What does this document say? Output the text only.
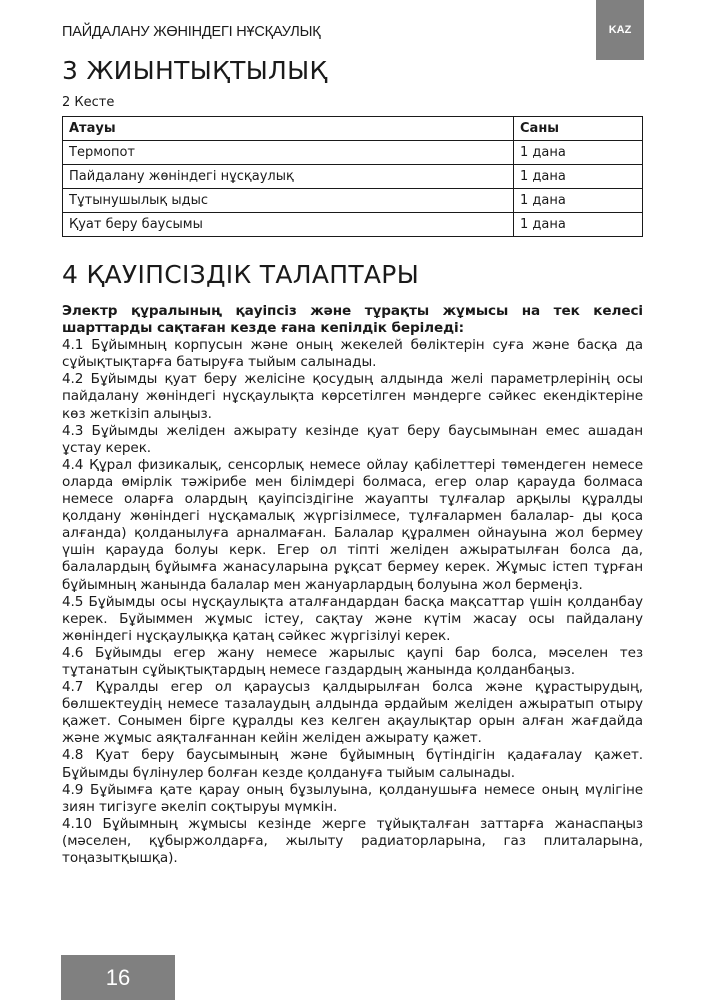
ПАЙДАЛАНУ ЖӨНІНДЕГІ НҰСҚАУЛЫҚ	KAZ
3 ЖИЫНТЫҚТЫЛЫҚ
2 Кесте
Атауы	Саны
Термопот	1 дана
Пайдалану жөніндегі нұсқаулық	1 дана
Тұтынушылық ыдыс	1 дана
Қуат беру баусымы	1 дана
4 ҚАУІПСІЗДІК ТАЛАПТАРЫ

Электр құралының қауіпсіз және тұрақты жұмысы на тек келесі шарттарды сақтаған кезде ғана кепілдік беріледі:

4.1 Бұйымның корпусын және оның жекелей бөліктерін суға және басқа да сұйықтықтарға батыруға тыйым салынады.

4.2 Бұйымды қуат беру желісіне қосудың алдында желі параметрлерінің осы пайдалану жөніндегі нұсқаулықта көрсетілген мәндерге сәйкес екендіктеріне көз жеткізіп алыңыз.

4.3 Бұйымды желіден ажырату кезінде қуат беру баусымынан емес ашадан ұстау керек.

4.4 Құрал физикалық, сенсорлық немесе ойлау қабілеттері төмендеген немесе оларда өмірлік тәжірибе мен білімдері болмаса, егер олар қарауда болмаса немесе оларға олардың қауіпсіздігіне жауапты тұлғалар арқылы құралды қолдану жөніндегі нұсқамалық жүргізілмесе, тұлғалармен балалар- ды қоса алғанда) қолданылуға арналмаған. Балалар құралмен ойнауына жол бермеу үшін қарауда болуы керк. Егер ол тіпті желіден ажыратылған болса да, балалардың бұйымға жанасуларына рұқсат бермеу керек. Жұмыс істеп тұрған бұйымның жанында балалар мен жануарлардың болуына жол бермеңіз.

4.5 Бұйымды осы нұсқаулықта аталғандардан басқа мақсаттар үшін қолданбау керек. Бұйыммен жұмыс істеу, сақтау және күтім жасау осы пайдалану жөніндегі нұсқаулыққа қатаң сәйкес жүргізілуі керек.

4.6 Бұйымды егер жану немесе жарылыс қаупі бар болса, мәселен тез тұтанатын сұйықтықтардың немесе газдардың жанында қолданбаңыз.

4.7 Құралды егер ол қараусыз қалдырылған болса және құрастырудың, бөлшектеудің немесе тазалаудың алдында әрдайым желіден ажыратып отыру қажет. Сонымен бірге құралды кез келген ақаулықтар орын алған жағдайда және жұмыс аяқталғаннан кейін желіден ажырату қажет.

4.8 Қуат беру баусымының және бұйымның бүтіндігін қадағалау қажет. Бұйымды бүлінулер болған кезде қолдануға тыйым салынады.

4.9 Бұйымға қате қарау оның бұзылуына, қолданушыға немесе оның мүлігіне зиян тигізуге әкеліп соқтыруы мүмкін.

4.10 Бұйымның жұмысы кезінде жерге тұйықталған заттарға жанаспаңыз (мәселен, құбыржолдарға, жылыту радиаторларына, газ плиталарына, тоңазытқышқа).

16
